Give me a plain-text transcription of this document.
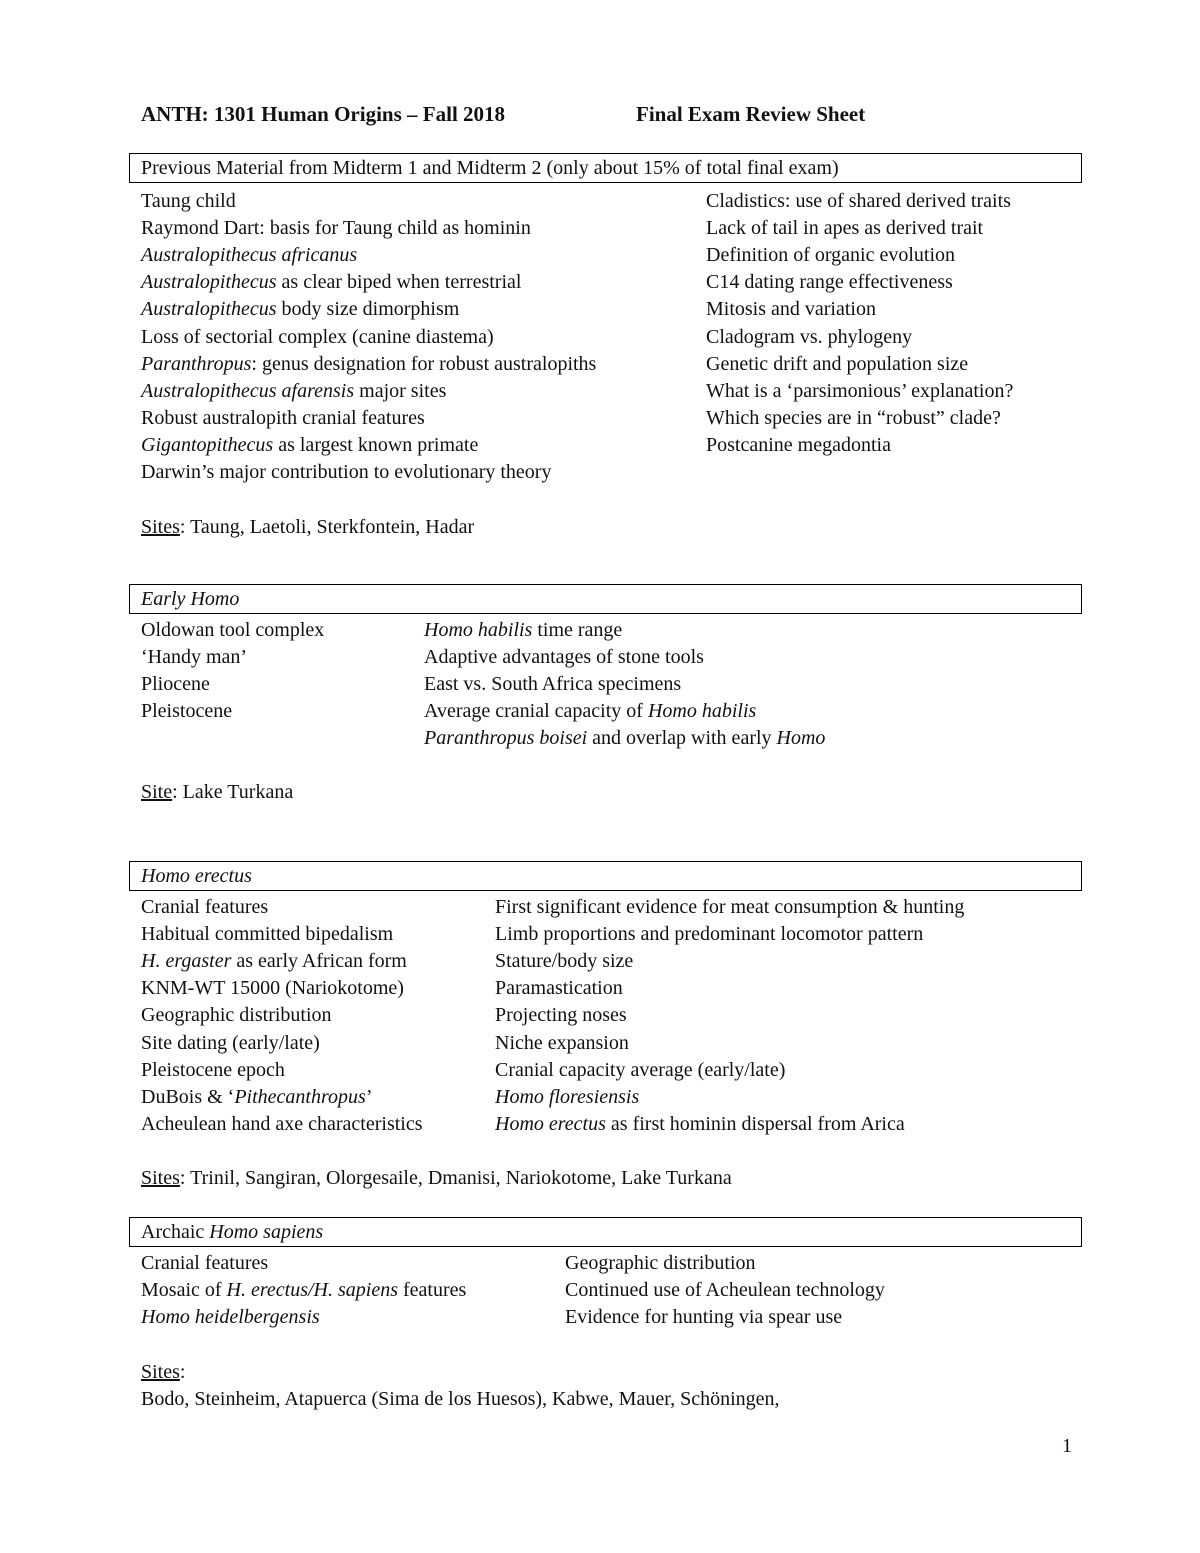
ANTH: 1301 Human Origins – Fall 2018	Final Exam Review Sheet
Previous Material from Midterm 1 and Midterm 2 (only about 15% of total final exam)
Taung child
Raymond Dart: basis for Taung child as hominin
Australopithecus africanus
Australopithecus as clear biped when terrestrial
Australopithecus body size dimorphism
Loss of sectorial complex (canine diastema)
Paranthropus: genus designation for robust australopiths
Australopithecus afarensis major sites
Robust australopith cranial features
Gigantopithecus as largest known primate
Darwin’s major contribution to evolutionary theory
Cladistics: use of shared derived traits
Lack of tail in apes as derived trait
Definition of organic evolution
C14 dating range effectiveness
Mitosis and variation
Cladogram vs. phylogeny
Genetic drift and population size
What is a ‘parsimonious’ explanation?
Which species are in “robust” clade?
Postcanine megadontia
Sites: Taung, Laetoli, Sterkfontein, Hadar
Early Homo
Oldowan tool complex
‘Handy man’
Pliocene
Pleistocene
Homo habilis time range
Adaptive advantages of stone tools
East vs. South Africa specimens
Average cranial capacity of Homo habilis
Paranthropus boisei and overlap with early Homo
Site: Lake Turkana
Homo erectus
Cranial features
Habitual committed bipedalism
H. ergaster as early African form
KNM-WT 15000 (Nariokotome)
Geographic distribution
Site dating (early/late)
Pleistocene epoch
DuBois & ‘Pithecanthropus’
Acheulean hand axe characteristics
First significant evidence for meat consumption & hunting
Limb proportions and predominant locomotor pattern
Stature/body size
Paramastication
Projecting noses
Niche expansion
Cranial capacity average (early/late)
Homo floresiensis
Homo erectus as first hominin dispersal from Arica
Sites: Trinil, Sangiran, Olorgesaile, Dmanisi, Nariokotome, Lake Turkana
Archaic Homo sapiens
Cranial features
Mosaic of H. erectus/H. sapiens features
Homo heidelbergensis
Geographic distribution
Continued use of Acheulean technology
Evidence for hunting via spear use
Sites:
Bodo, Steinheim, Atapuerca (Sima de los Huesos), Kabwe, Mauer, Schöningen,
1
